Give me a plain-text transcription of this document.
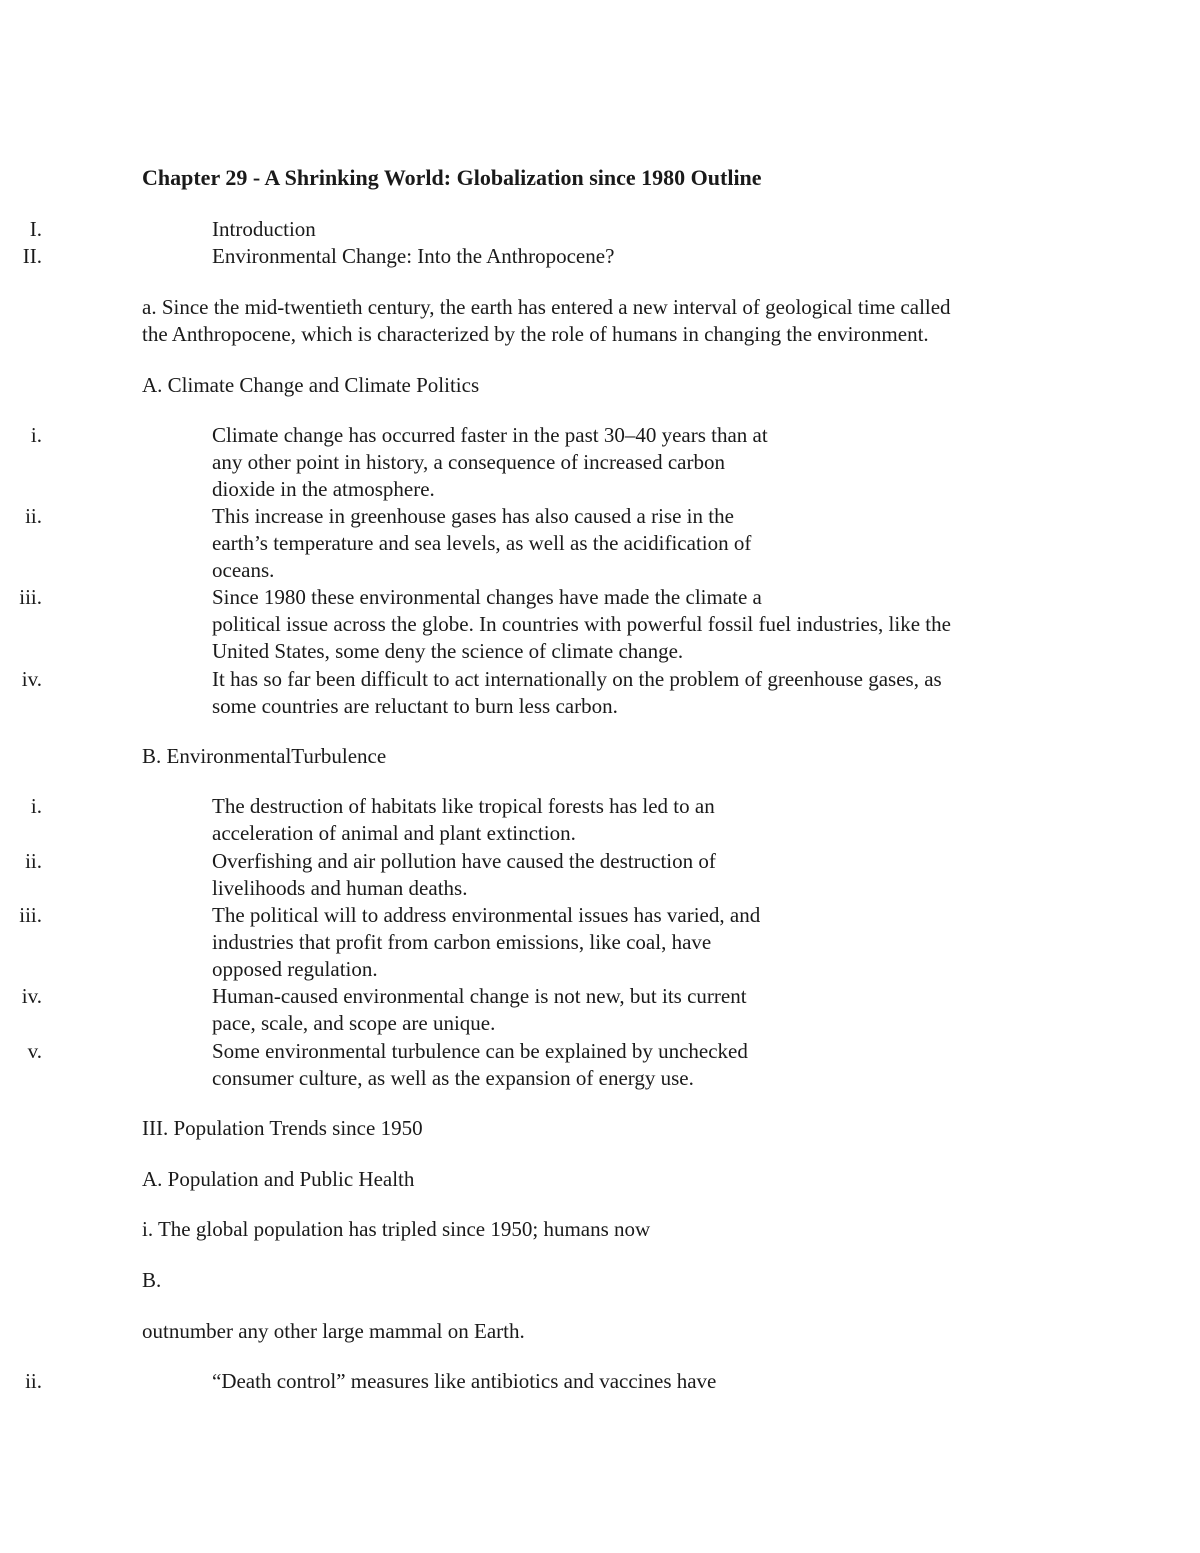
Chapter 29 - A Shrinking World: Globalization since 1980 Outline
I.	Introduction
II.	Environmental Change: Into the Anthropocene?
a. Since the mid-twentieth century, the earth has entered a new interval of geological time called
the Anthropocene, which is characterized by the role of humans in changing the environment.
A. Climate Change and Climate Politics
i.	Climate change has occurred faster in the past 30–40 years than at
any other point in history, a consequence of increased carbon
dioxide in the atmosphere.
ii.	This increase in greenhouse gases has also caused a rise in the
earth’s temperature and sea levels, as well as the acidification of
oceans.
iii.	Since 1980 these environmental changes have made the climate a
political issue across the globe. In countries with powerful fossil fuel industries, like the
United States, some deny the science of climate change.
iv.	It has so far been difficult to act internationally on the problem of greenhouse gases, as
some countries are reluctant to burn less carbon.
B. EnvironmentalTurbulence
i.	The destruction of habitats like tropical forests has led to an
acceleration of animal and plant extinction.
ii.	Overfishing and air pollution have caused the destruction of
livelihoods and human deaths.
iii.	The political will to address environmental issues has varied, and
industries that profit from carbon emissions, like coal, have
opposed regulation.
iv.	Human-caused environmental change is not new, but its current
pace, scale, and scope are unique.
v.	Some environmental turbulence can be explained by unchecked
consumer culture, as well as the expansion of energy use.
III. Population Trends since 1950
A. Population and Public Health
i. The global population has tripled since 1950; humans now
B.
outnumber any other large mammal on Earth.
ii.	“Death control” measures like antibiotics and vaccines have
